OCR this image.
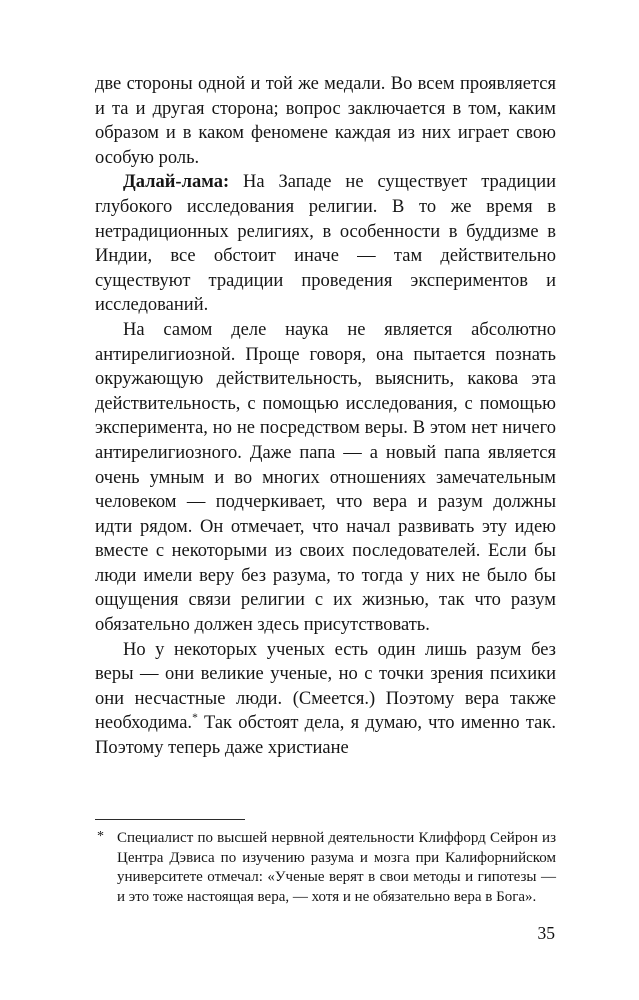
две стороны одной и той же медали. Во всем проявляется и та и другая сторона; вопрос заключается в том, каким образом и в каком феномене каждая из них играет свою особую роль.

Далай-лама: На Западе не существует традиции глубокого исследования религии. В то же время в нетрадиционных религиях, в особенности в буддизме в Индии, все обстоит иначе — там действительно существуют традиции проведения экспериментов и исследований.

На самом деле наука не является абсолютно антирелигиозной. Проще говоря, она пытается познать окружающую действительность, выяснить, какова эта действительность, с помощью исследования, с помощью эксперимента, но не посредством веры. В этом нет ничего антирелигиозного. Даже папа — а новый папа является очень умным и во многих отношениях замечательным человеком — подчеркивает, что вера и разум должны идти рядом. Он отмечает, что начал развивать эту идею вместе с некоторыми из своих последователей. Если бы люди имели веру без разума, то тогда у них не было бы ощущения связи религии с их жизнью, так что разум обязательно должен здесь присутствовать.

Но у некоторых ученых есть один лишь разум без веры — они великие ученые, но с точки зрения психики они несчастные люди. (Смеется.) Поэтому вера также необходима.* Так обстоят дела, я думаю, что именно так. Поэтому теперь даже христиане

* Специалист по высшей нервной деятельности Клиффорд Сейрон из Центра Дэвиса по изучению разума и мозга при Калифорнийском университете отмечал: «Ученые верят в свои методы и гипотезы — и это тоже настоящая вера, — хотя и не обязательно вера в Бога».
35
